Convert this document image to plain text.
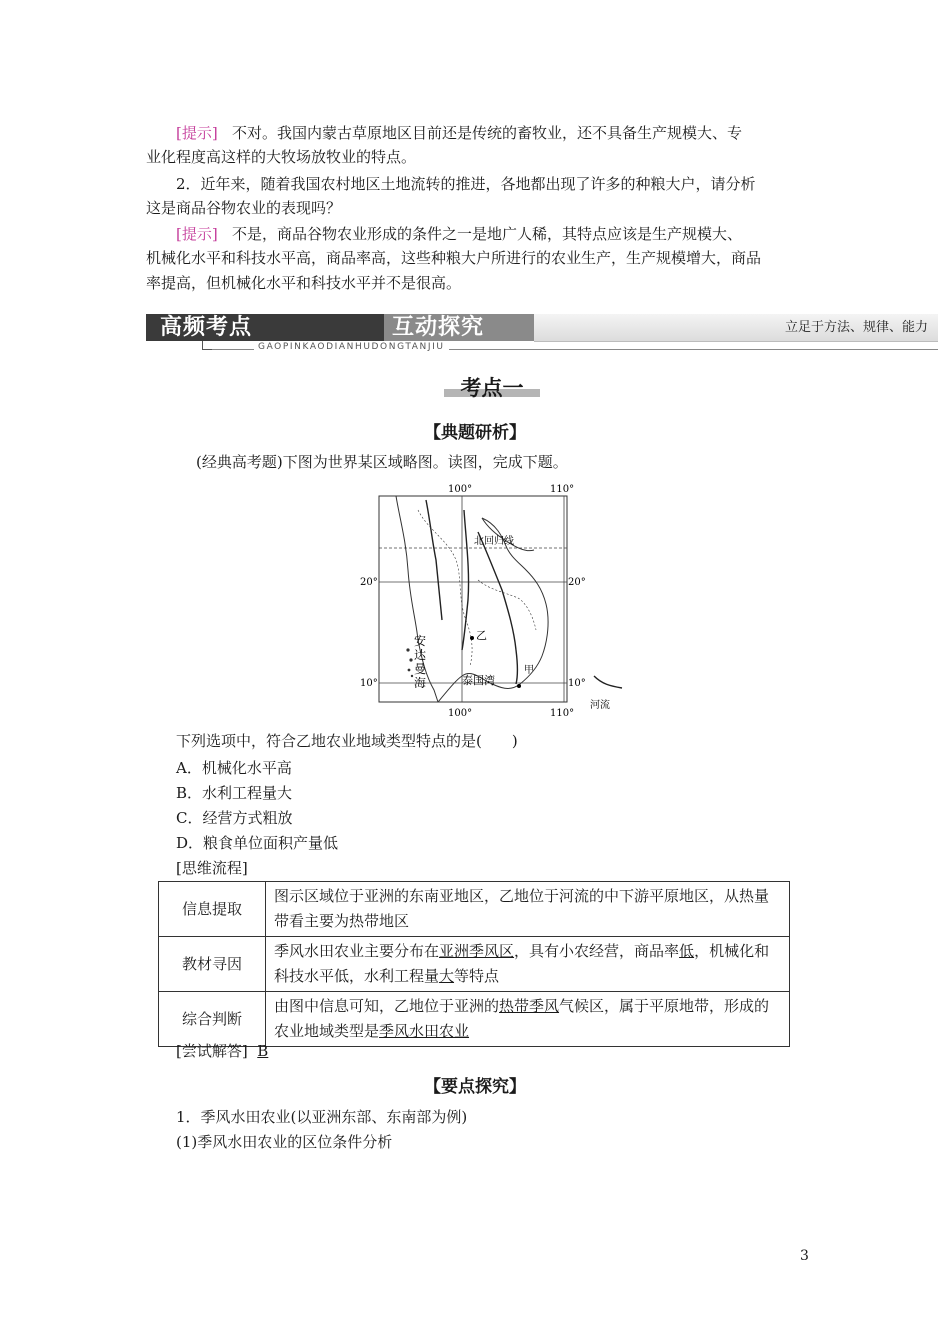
[提示] 不对。我国内蒙古草原地区目前还是传统的畜牧业，还不具备生产规模大、专
业化程度高这样的大牧场放牧业的特点。
2．近年来，随着我国农村地区土地流转的推进，各地都出现了许多的种粮大户，请分析
这是商品谷物农业的表现吗？
[提示] 不是，商品谷物农业形成的条件之一是地广人稀，其特点应该是生产规模大、
机械化水平和科技水平高，商品率高，这些种粮大户所进行的农业生产，生产规模增大，商品
率提高，但机械化水平和科技水平并不是很高。
高频考点	互动探究	立足于方法、规律、能力
GAOPINKAODIANHUDONGTANJIU
考点一
【典题研析】
(经典高考题)下图为世界某区域略图。读图，完成下题。
100°	110°
100°	110°
20°	20°
10°	10°
北回归线
安
达
曼
海
乙
甲
泰国湾
河流
下列选项中，符合乙地农业地域类型特点的是(　　)
A．机械化水平高
B．水利工程量大
C．经营方式粗放
D．粮食单位面积产量低
[思维流程]
信息提取	图示区域位于亚洲的东南亚地区，乙地位于河流的中下游平原地区，从热量带看主要为热带地区
教材寻因	季风水田农业主要分布在亚洲季风区，具有小农经营，商品率低，机械化和科技水平低，水利工程量大等特点
综合判断	由图中信息可知，乙地位于亚洲的热带季风气候区，属于平原地带，形成的农业地域类型是季风水田农业
[尝试解答] B
【要点探究】
1．季风水田农业(以亚洲东部、东南部为例)
(1)季风水田农业的区位条件分析
3
